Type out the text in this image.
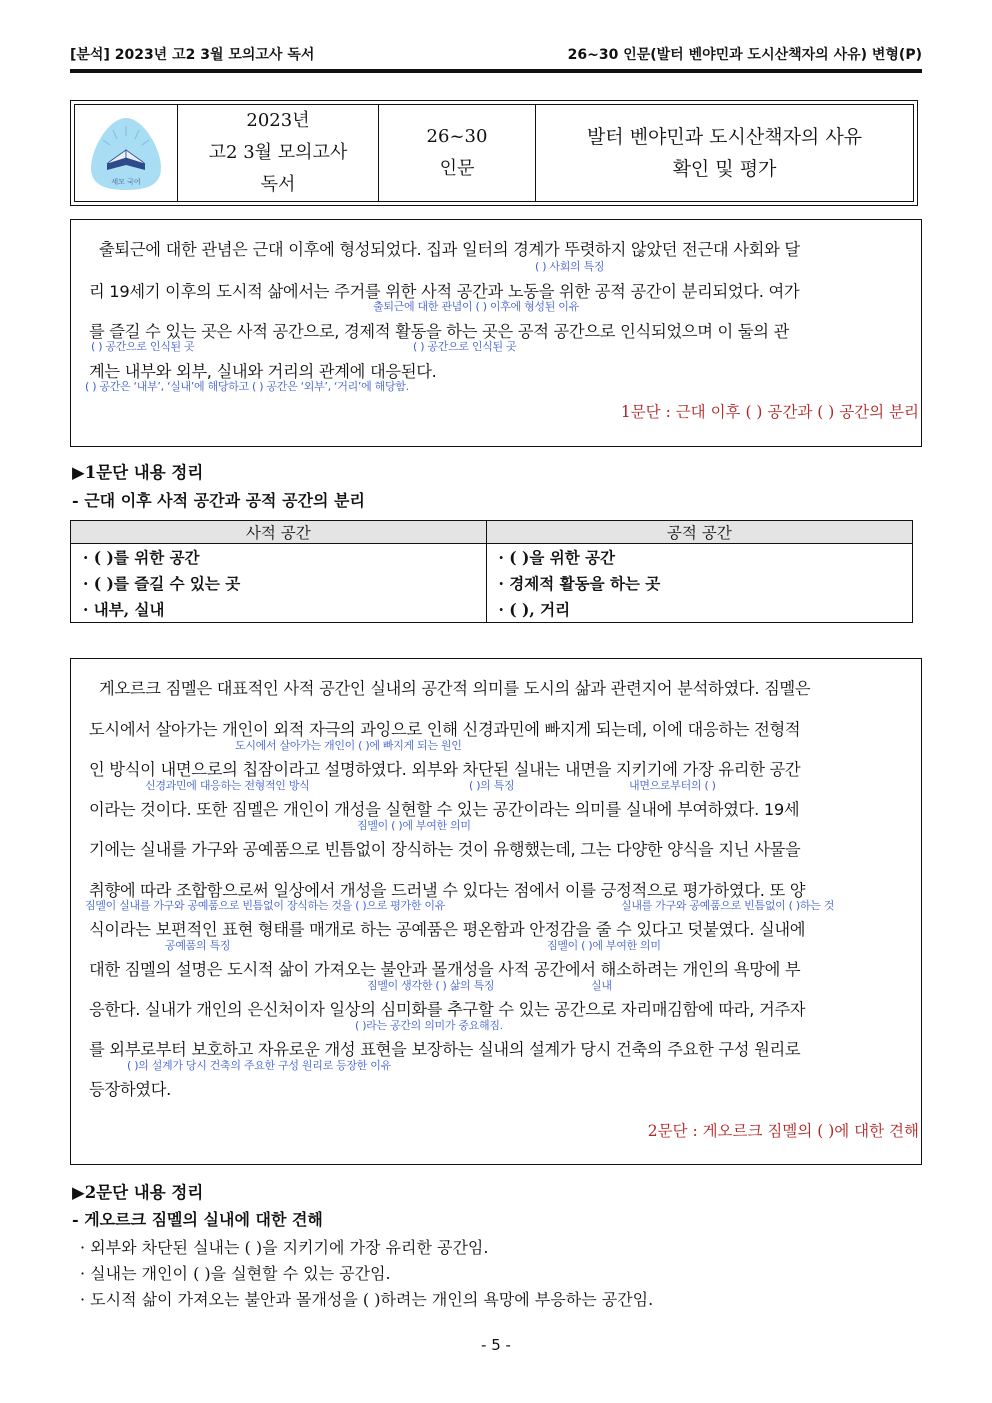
[분석] 2023년 고2 3월 모의고사 독서	26~30 인문(발터 벤야민과 도시산책자의 사유) 변형(P)
세모 국어
2023년
고2 3월 모의고사
독서
26~30
인문
발터 벤야민과 도시산책자의 사유
확인 및 평가
출퇴근에 대한 관념은 근대 이후에 형성되었다. 집과 일터의 경계가 뚜렷하지 않았던 전근대 사회와 달
( ) 사회의 특징
리 19세기 이후의 도시적 삶에서는 주거를 위한 사적 공간과 노동을 위한 공적 공간이 분리되었다. 여가
출퇴근에 대한 관념이 ( ) 이후에 형성된 이유
를 즐길 수 있는 곳은 사적 공간으로, 경제적 활동을 하는 곳은 공적 공간으로 인식되었으며 이 둘의 관
( ) 공간으로 인식된 곳	( ) 공간으로 인식된 곳
계는 내부와 외부, 실내와 거리의 관계에 대응된다.
( ) 공간은 ‘내부’, ‘실내’에 해당하고 ( ) 공간은 ‘외부’, ‘거리’에 해당함.
1문단 : 근대 이후 ( ) 공간과 ( ) 공간의 분리
▶1문단 내용 정리
- 근대 이후 사적 공간과 공적 공간의 분리
사적 공간	공적 공간
· ( )를 위한 공간	· ( )을 위한 공간
· ( )를 즐길 수 있는 곳	· 경제적 활동을 하는 곳
· 내부, 실내	· ( ), 거리
게오르크 짐멜은 대표적인 사적 공간인 실내의 공간적 의미를 도시의 삶과 관련지어 분석하였다. 짐멜은
도시에서 살아가는 개인이 외적 자극의 과잉으로 인해 신경과민에 빠지게 되는데, 이에 대응하는 전형적
도시에서 살아가는 개인이 ( )에 빠지게 되는 원인
인 방식이 내면으로의 칩잠이라고 설명하였다. 외부와 차단된 실내는 내면을 지키기에 가장 유리한 공간
신경과민에 대응하는 전형적인 방식	( )의 특징	내면으로부터의 ( )
이라는 것이다. 또한 짐멜은 개인이 개성을 실현할 수 있는 공간이라는 의미를 실내에 부여하였다. 19세
짐멜이 ( )에 부여한 의미
기에는 실내를 가구와 공예품으로 빈틈없이 장식하는 것이 유행했는데, 그는 다양한 양식을 지닌 사물을
취향에 따라 조합함으로써 일상에서 개성을 드러낼 수 있다는 점에서 이를 긍정적으로 평가하였다. 또 양
짐멜이 실내를 가구와 공예품으로 빈틈없이 장식하는 것을 ( )으로 평가한 이유	실내를 가구와 공예품으로 빈틈없이 ( )하는 것
식이라는 보편적인 표현 형태를 매개로 하는 공예품은 평온함과 안정감을 줄 수 있다고 덧붙였다. 실내에
공예품의 특징	짐멜이 ( )에 부여한 의미
대한 짐멜의 설명은 도시적 삶이 가져오는 불안과 몰개성을 사적 공간에서 해소하려는 개인의 욕망에 부
짐멜이 생각한 ( ) 삶의 특징	실내
응한다. 실내가 개인의 은신처이자 일상의 심미화를 추구할 수 있는 공간으로 자리매김함에 따라, 거주자
( )라는 공간의 의미가 중요해짐.
를 외부로부터 보호하고 자유로운 개성 표현을 보장하는 실내의 설계가 당시 건축의 주요한 구성 원리로
( )의 설계가 당시 건축의 주요한 구성 원리로 등장한 이유
등장하였다.
2문단 : 게오르크 짐멜의 ( )에 대한 견해
▶2문단 내용 정리
- 게오르크 짐멜의 실내에 대한 견해
· 외부와 차단된 실내는 ( )을 지키기에 가장 유리한 공간임.
· 실내는 개인이 ( )을 실현할 수 있는 공간임.
· 도시적 삶이 가져오는 불안과 몰개성을 ( )하려는 개인의 욕망에 부응하는 공간임.
- 5 -
